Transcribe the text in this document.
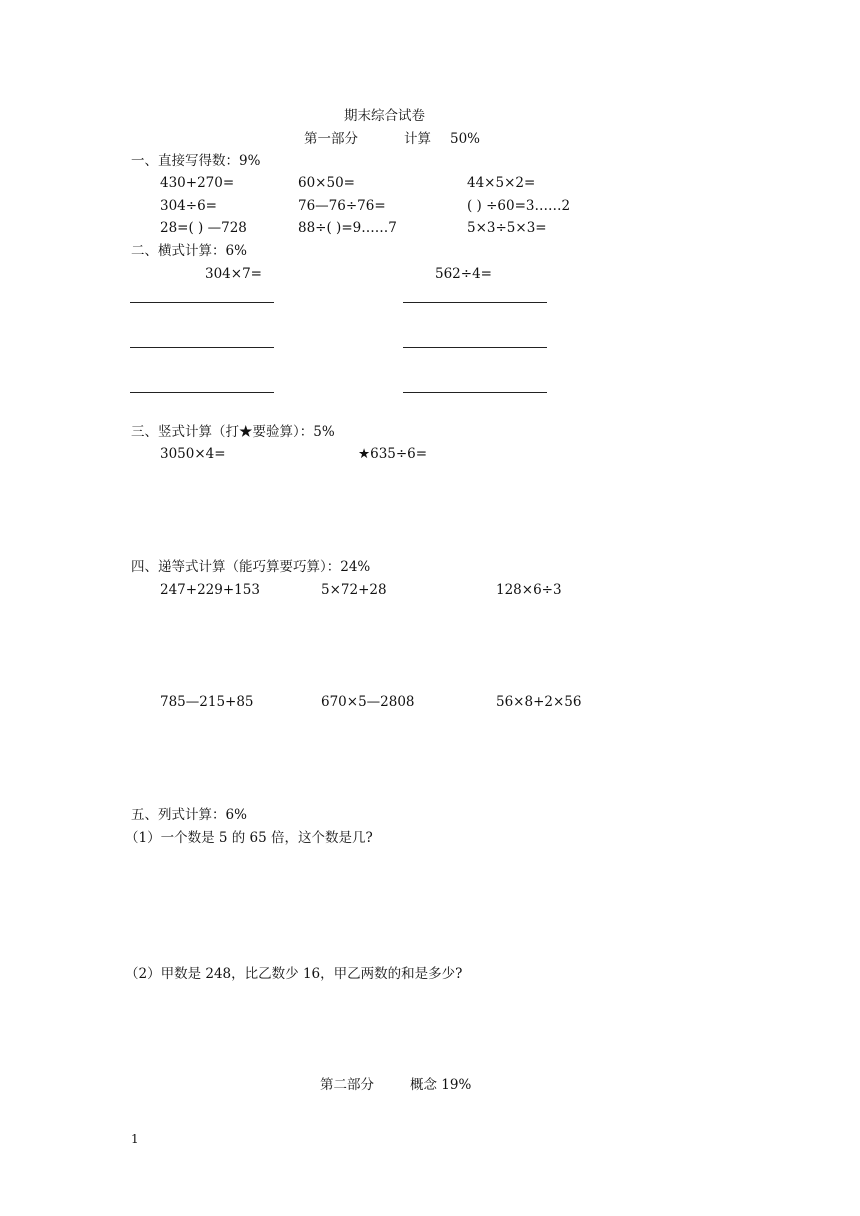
期末综合试卷
第一部分	计算 50%
一、直接写得数：9%
430+270=	60×50=	44×5×2=
304÷6=	76—76÷76=	( ) ÷60=3……2
28=( ) —728	88÷( )=9……7	5×3÷5×3=
二、横式计算：6%
304×7=	562÷4=
三、竖式计算（打★要验算）：5%
3050×4=	★635÷6=
四、递等式计算（能巧算要巧算）：24%
247+229+153	5×72+28	128×6÷3
785—215+85	670×5—2808	56×8+2×56
五、列式计算：6%
（1）一个数是 5 的 65 倍，这个数是几?
（2）甲数是 248，比乙数少 16，甲乙两数的和是多少?
第二部分	概念 19%
1
